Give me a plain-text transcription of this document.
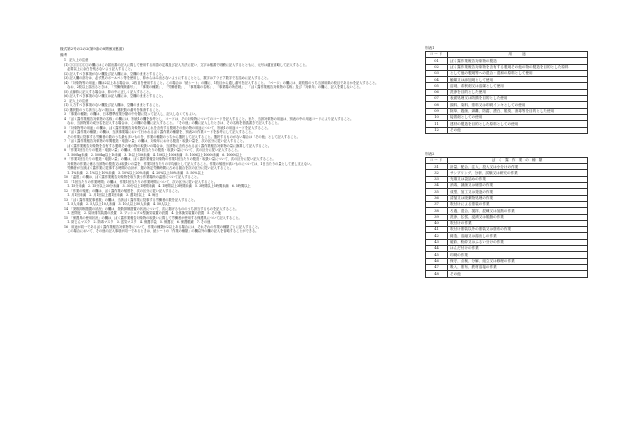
様式第2号の2の2(第9条の8関係)(裏面)
備考
1　記入上の注意
(1) ①①①①①①の欄にはこの届出書の記入に際して使用する用語の定義及び記入方法に従い、文字は楷書で明瞭に記入するとともに、元号は適宜省略して記入すること。
　必要以上に余白を残さないよう記入すること。
(2) 記入すべき事項がない欄及び記入欄には、空欄のままとすること。
(3) 記入欄の部分は、必ず黒のボールペン等を使用し、枠からはみ出さないようにすることとし、数字はアラビア数字で右詰めに記入すること。
(4) 「対象物等の用途」欄は2以上ある場合は、2枚目を使用すること。この場合は「続シート」の欄に、1枚目から通し番号を記入すること。「ページ」の欄には、総枚数のうち当該用紙の枚目であるかを記入すること。
　なお、2枚以上届出るときは、「労働保険番号」、「事業の種類」、「労働者数」、「事業場の名称」、「事業場の所在地」、「ばく露作業報告対象物の名称」及び「対象年」の欄に、記入を要しないこと。
(5) 点線枠に記入する場合は、枠の中に正しく記入すること。
(6) 記入すべき事項のない欄又は記入欄には、空欄のままとすること。
2　記入上の注意
(1) 入力すべき事項のない欄及び記入欄は、空欄のままとすること。
(2) 選択肢のうち該当しない項目は、選択肢の番号を抹消すること。
3　「事業の種類」の欄は、日本標準産業分類の中分類に従って記入し、記入しなくてもよい。
4　「ばく露作業報告対象物の名称」の欄には、別表1の欄を参考とし、コードは、その対象物についてのコードを記入すること。また、当該対象物の用途は、別表の中の用途コードにより記入すること。
　なお、当該物質の成分名を記入する場合は、この欄の各欄に記入すること。「その他」の欄に記入したときは、その名称を括弧書きで記入すること。
5　「対象物等の用途」の欄は、ばく露作業報告対象物又はこれを含有する製剤その他の物の用途について、別表1の用途コードを記入すること。
6　「ばく露作業の種類」の欄は、当該事業場において行われるばく露作業の種類を、別表2の作業コードを参考にして記入すること。
　その作業に従事する労働者の数のうち最も多いものを、作業の種類のうちから選択して記入すること。選択するものがない場合は「その他」として記入すること。
7　「ばく露作業報告対象物の年間製造・取扱い量」の欄は、対象年における製造・取扱い量を、次の区分に従い記入すること。
　ばく露作業報告対象物を含有する製剤その他の物の取扱いの場合は、当該物に含有されるばく露作業報告対象物の量に換算して記入すること。
8　「作業1回当たりの製造・取扱い量」の欄は、作業1回当たりの製造・取扱い量について、次の区分に従い記入すること。
　1. 500kg未満　2. 500kg以上1t未満　3. 1t以上10t未満　4. 10t以上100t未満　5. 100t以上1000t未満　6. 1000t以上
9　「作業1回当たりの製造・取扱い量」の欄は、ばく露作業報告対象物の作業1回当たりの製造・取扱い量について、次の区分に従い記入すること。
　対象物の作業に係る当該物の製造又は取扱いの量を、作業1回当たりの平均値として記入すること。作業の頻度が高いものについては、1日当たりの量として差し支えない。
　労働者が当該ばく露作業に従事する時間の合計が、週の所定労働時間に占める割合を次の区分に従い記入すること。
　1. 1%未満　2. 1%以上10%未満　3. 10%以上20%未満　4. 20%以上50%未満　5. 50%以上
10　「温度」の欄は、ばく露作業報告対象物を取り扱う作業場所の温度について記入すること。
11　「1回当たりの作業時間」の欄は、作業1回当たりの作業時間について、次の区分に従い記入すること。
　1. 15分未満　2. 15分以上30分未満　3. 30分以上1時間未満　4. 1時間以上3時間未満　5. 3時間以上5時間未満　6. 5時間以上
12　「作業の頻度」の欄は、ばく露作業の頻度を、次の区分に従い記入すること。
　1. 月1回未満　2. 月1回以上週1回未満　3. 週1回以上　4. 毎日
13　「ばく露作業従事者数」の欄は、当該ばく露作業に従事する労働者の数を記入すること。
　1. 5人未満　2. 5人以上10人未満　3. 10人以上50人未満　4. 50人以上
14　「発散抑制措置の状況」の欄は、発散抑制措置の状況について、次に掲げるもののうち該当するものを記入すること。
　1. 密閉化　2. 局所排気装置の設置　3. プッシュプル型換気装置の設置　4. 全体換気装置の設置　5. その他
15　「保護具の使用状況」の欄は、ばく露作業報告対象物の取扱いに際して労働者が使用する保護具について記入すること。
　1. 防じんマスク　2. 防毒マスク　3. 送気マスク　4. 保護手袋　5. 保護衣　6. 保護眼鏡　7. その他
16　用途が同一であるばく露作業報告対象物等について、作業の種類が2以上ある場合には、それぞれの作業の種類ごとに記入すること。
　この場合において、その他の記入事項が同一であるときは、続シートの「作業の種類」の欄以外の欄の記入を省略することができる。
別表1
コード	用　　途
01	ばく露作業報告対象物の製造
02	ばく露作業報告対象物を含有する製剤その他の物の製造を目的とした原料
03	として他の製剤等への混合・混和の原料として使用
04	触媒又は添加剤として使用
05	溶剤、希釈剤又は溶媒として使用
06	洗浄を目的とした使用
07	表面処理又は防錆を目的とした使用
08	顔料、染料、塗料又は印刷インキとしての使用
09	除草、殺菌、剥離、防腐、漂白、脱臭、消毒等を目的とした使用
10	接着剤としての使用
11	建材の製造を目的とした原料としての使用
12	その他
別表2
コード	ば く 露 作 業 の 種 類
31	計量、配合、注入、投入又は小分けの作業
32	サンプリング、分析、試験又は研究の作業
33	充填又は袋詰めの作業
34	消毒、滅菌又は燻蒸の作業
35	成型、加工又は発泡の作業
36	清掃又は廃棄物処理の作業
37	吹付けによる塗装の作業
38	ろ過、混合、撹拌、混練又は加熱の作業
39	洗浄、払拭、浸漬又は脱脂の作業
40	吹付けの作業
41	吹付け塗装以外の塗装又は塗布の作業
42	鋳造、溶融又は湯出しの作業
43	破砕、粉砕又はふるい分けの作業
44	はんだ付けの作業
45	印刷の作業
46	保守、点検、分解、組立又は修理の作業
47	吸入、塗布、鉄材溶接の作業
48	その他
